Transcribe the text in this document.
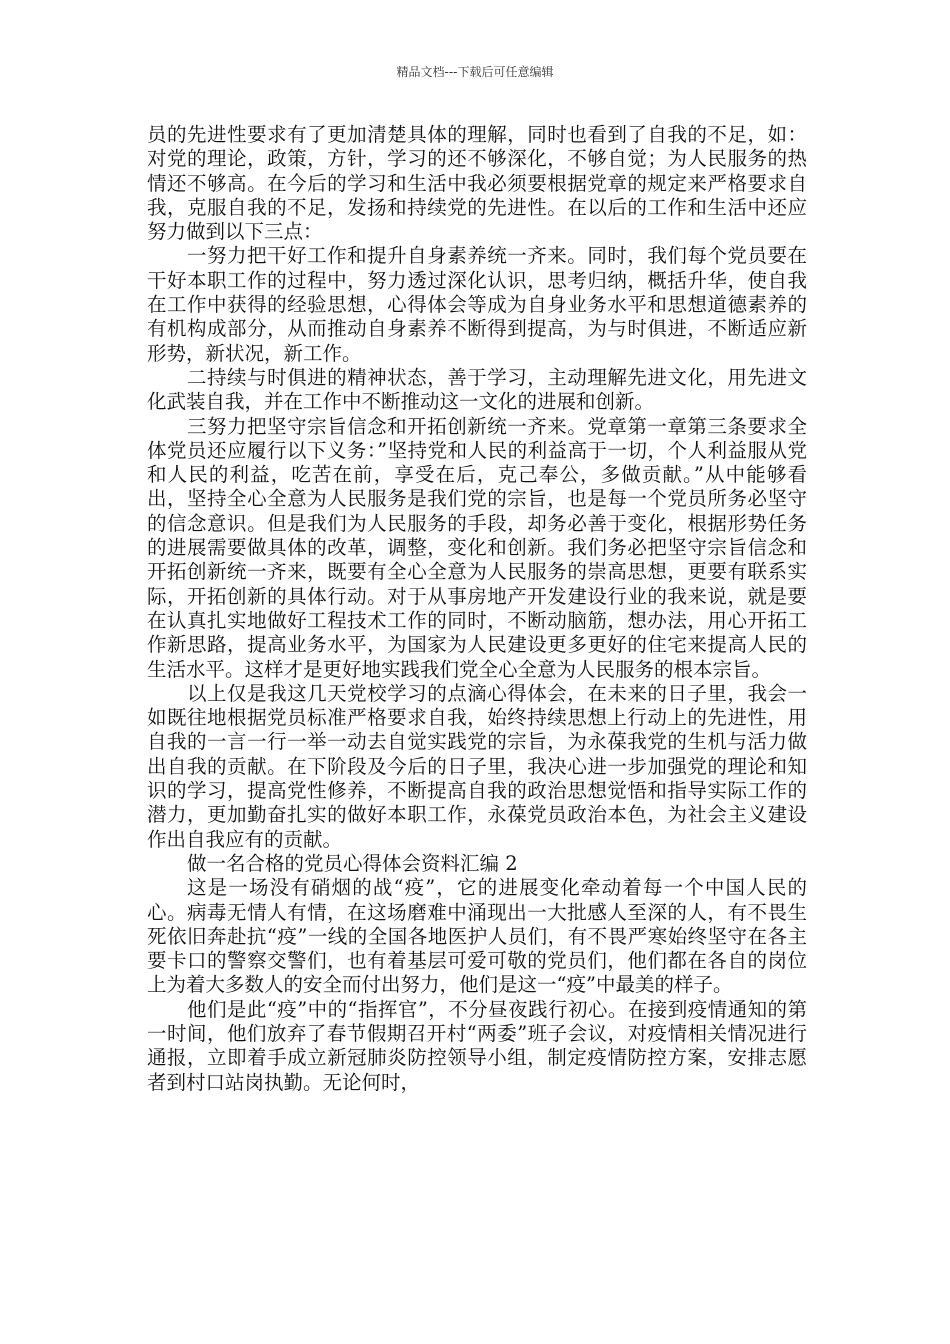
精品文档---下载后可任意编辑

员的先进性要求有了更加清楚具体的理解，同时也看到了自我的不足，如：对党的理论，政策，方针，学习的还不够深化，不够自觉；为人民服务的热情还不够高。在今后的学习和生活中我必须要根据党章的规定来严格要求自我，克服自我的不足，发扬和持续党的先进性。在以后的工作和生活中还应努力做到以下三点：

一努力把干好工作和提升自身素养统一齐来。同时，我们每个党员要在干好本职工作的过程中，努力透过深化认识，思考归纳，概括升华，使自我在工作中获得的经验思想，心得体会等成为自身业务水平和思想道德素养的有机构成部分，从而推动自身素养不断得到提高，为与时俱进，不断适应新形势，新状况，新工作。

二持续与时俱进的精神状态，善于学习，主动理解先进文化，用先进文化武装自我，并在工作中不断推动这一文化的进展和创新。

三努力把坚守宗旨信念和开拓创新统一齐来。党章第一章第三条要求全体党员还应履行以下义务：”坚持党和人民的利益高于一切，个人利益服从党和人民的利益，吃苦在前，享受在后，克己奉公，多做贡献。”从中能够看出，坚持全心全意为人民服务是我们党的宗旨，也是每一个党员所务必坚守的信念意识。但是我们为人民服务的手段，却务必善于变化，根据形势任务的进展需要做具体的改革，调整，变化和创新。我们务必把坚守宗旨信念和开拓创新统一齐来，既要有全心全意为人民服务的崇高思想，更要有联系实际，开拓创新的具体行动。对于从事房地产开发建设行业的我来说，就是要在认真扎实地做好工程技术工作的同时，不断动脑筋，想办法，用心开拓工作新思路，提高业务水平，为国家为人民建设更多更好的住宅来提高人民的生活水平。这样才是更好地实践我们党全心全意为人民服务的根本宗旨。

以上仅是我这几天党校学习的点滴心得体会，在未来的日子里，我会一如既往地根据党员标准严格要求自我，始终持续思想上行动上的先进性，用自我的一言一行一举一动去自觉实践党的宗旨，为永葆我党的生机与活力做出自我的贡献。在下阶段及今后的日子里，我决心进一步加强党的理论和知识的学习，提高党性修养，不断提高自我的政治思想觉悟和指导实际工作的潜力，更加勤奋扎实的做好本职工作，永葆党员政治本色，为社会主义建设作出自我应有的贡献。

做一名合格的党员心得体会资料汇编 2

这是一场没有硝烟的战“疫”，它的进展变化牵动着每一个中国人民的心。病毒无情人有情，在这场磨难中涌现出一大批感人至深的人，有不畏生死依旧奔赴抗“疫”一线的全国各地医护人员们，有不畏严寒始终坚守在各主要卡口的警察交警们，也有着基层可爱可敬的党员们，他们都在各自的岗位上为着大多数人的安全而付出努力，他们是这一“疫”中最美的样子。

他们是此“疫”中的“指挥官”，不分昼夜践行初心。在接到疫情通知的第一时间，他们放弃了春节假期召开村“两委”班子会议，对疫情相关情况进行通报，立即着手成立新冠肺炎防控领导小组，制定疫情防控方案，安排志愿者到村口站岗执勤。无论何时，
